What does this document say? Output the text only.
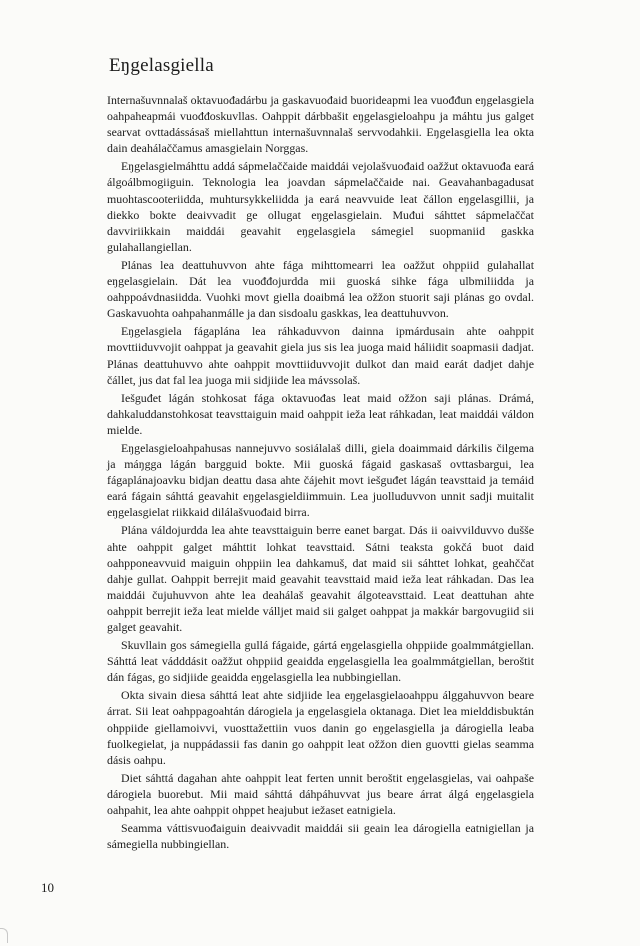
Eŋgelasgiella

Internašuvnnalaš oktavuođadárbu ja gaskavuođaid buorideapmi lea vuođđun eŋgelasgiela oahpaheapmái vuođđoskuvllas. Oahppit dárbbašit eŋgelasgieloahpu ja máhtu jus galget searvat ovttadássásaš miellahttun internašuvnnalaš servvodahkii. Eŋgelasgiella lea okta dain deahálaččamus amasgielain Norggas.

Eŋgelasgielmáhttu addá sápmelaččaide maiddái vejolašvuođaid oažžut oktavuođa eará álgoálbmogiiguin. Teknologia lea joavdan sápmelaččaide nai. Geavahanbagadusat muohtascooteriidda, muhtursykkeliidda ja eará neavvuide leat čállon eŋgelasgillii, ja diekko bokte deaivvadit ge ollugat eŋgelasgielain. Muđui sáhttet sápmelaččat davviriikkain maiddái geavahit eŋgelasgiela sámegiel suopmaniid gaskka gulahallangiellan.

Plánas lea deattuhuvvon ahte fága mihttomearri lea oažžut ohppiid gulahallat eŋgelasgielain. Dát lea vuođđojurdda mii guoská sihke fága ulbmiliidda ja oahppoávdnasiidda. Vuohki movt giella doaibmá lea ožžon stuorit saji plánas go ovdal. Gaskavuohta oahpahanmálle ja dan sisdoalu gaskkas, lea deattuhuvvon.

Eŋgelasgiela fágaplána lea ráhkaduvvon dainna ipmárdusain ahte oahppit movttiiduvvojit oahppat ja geavahit giela jus sis lea juoga maid háliidit soapmasii dadjat. Plánas deattuhuvvo ahte oahppit movttiiduvvojit dulkot dan maid earát dadjet dahje čállet, jus dat fal lea juoga mii sidjiide lea mávssolaš.

Iešguđet lágán stohkosat fága oktavuođas leat maid ožžon saji plánas. Drámá, dahkaluddanstohkosat teavsttaiguin maid oahppit ieža leat ráhkadan, leat maiddái váldon mielde.

Eŋgelasgieloahpahusas nannejuvvo sosiálalaš dilli, giela doaimmaid dárkilis čilgema ja máŋgga lágán bargguid bokte. Mii guoská fágaid gaskasaš ovttasbargui, lea fágaplánajoavku bidjan deattu dasa ahte čájehit movt iešguđet lágán teavsttaid ja temáid eará fágain sáhttá geavahit eŋgelasgieldiimmuin. Lea juolluduvvon unnit sadji muitalit eŋgelasgielat riikkaid dilálašvuođaid birra.

Plána váldojurdda lea ahte teavsttaiguin berre eanet bargat. Dás ii oaivvilduvvo dušše ahte oahppit galget máhttit lohkat teavsttaid. Sátni teaksta gokčá buot daid oahpponeavvuid maiguin ohppiin lea dahkamuš, dat maid sii sáhttet lohkat, geahččat dahje gullat. Oahppit berrejit maid geavahit teavsttaid maid ieža leat ráhkadan. Das lea maiddái čujuhuvvon ahte lea deahálaš geavahit álgoteavsttaid. Leat deattuhan ahte oahppit berrejit ieža leat mielde válljet maid sii galget oahppat ja makkár bargovugiid sii galget geavahit.

Skuvllain gos sámegiella gullá fágaide, gártá eŋgelasgiella ohppiide goalmmátgiellan. Sáhttá leat vádddásit oažžut ohppiid geaidda eŋgelasgiella lea goalmmátgiellan, beroštit dán fágas, go sidjiide geaidda eŋgelasgiella lea nubbingiellan.

Okta sivain diesa sáhttá leat ahte sidjiide lea eŋgelasgielaoahppu álggahuvvon beare árrat. Sii leat oahppagoahtán dárogiela ja eŋgelasgiela oktanaga. Diet lea mielddisbuktán ohppiide giellamoivvi, vuosttažettiin vuos danin go eŋgelasgiella ja dárogiella leaba fuolkegielat, ja nuppádassii fas danin go oahppit leat ožžon dien guovtti gielas seamma dásis oahpu.

Diet sáhttá dagahan ahte oahppit leat ferten unnit beroštit eŋgelasgielas, vai oahpaše dárogiela buorebut. Mii maid sáhttá dáhpáhuvvat jus beare árrat álgá eŋgelasgiela oahpahit, lea ahte oahppit ohppet heajubut iežaset eatnigiela.

Seamma váttisvuođaiguin deaivvadit maiddái sii geain lea dárogiella eatnigiellan ja sámegiella nubbingiellan.

10
